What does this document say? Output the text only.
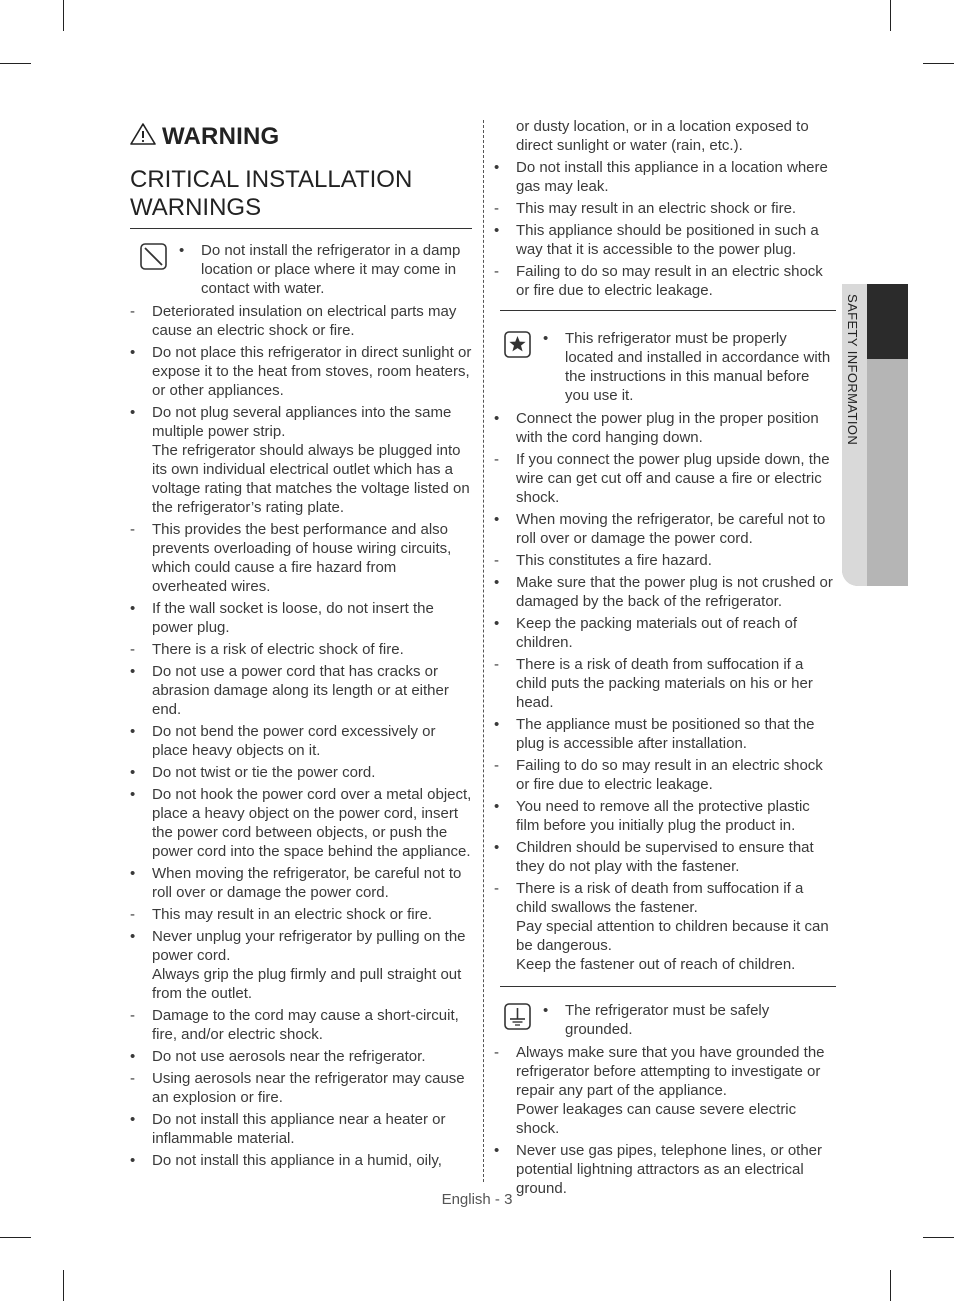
SAFETY INFORMATION
WARNING
CRITICAL INSTALLATION
WARNINGS
•	Do not install the refrigerator in a damp location or place where it may come in contact with water.
-	Deteriorated insulation on electrical parts may cause an electric shock or fire.
•	Do not place this refrigerator in direct sunlight or expose it to the heat from stoves, room heaters, or other appliances.
•	Do not plug several appliances into the same multiple power strip.
The refrigerator should always be plugged into its own individual electrical outlet which has a voltage rating that matches the voltage listed on the refrigerator’s rating plate.
-	This provides the best performance and also prevents overloading of house wiring circuits, which could cause a fire hazard from overheated wires.
•	If the wall socket is loose, do not insert the power plug.
-	There is a risk of electric shock of fire.
•	Do not use a power cord that has cracks or abrasion damage along its length or at either end.
•	Do not bend the power cord excessively or place heavy objects on it.
•	Do not twist or tie the power cord.
•	Do not hook the power cord over a metal object, place a heavy object on the power cord, insert the power cord between objects, or push the power cord into the space behind the appliance.
•	When moving the refrigerator, be careful not to roll over or damage the power cord.
-	This may result in an electric shock or fire.
•	Never unplug your refrigerator by pulling on the power cord.
Always grip the plug firmly and pull straight out from the outlet.
-	Damage to the cord may cause a short-circuit, fire, and/or electric shock.
•	Do not use aerosols near the refrigerator.
-	Using aerosols near the refrigerator may cause an explosion or fire.
•	Do not install this appliance near a heater or inflammable material.
•	Do not install this appliance in a humid, oily,
or dusty location, or in a location exposed to direct sunlight or water (rain, etc.).
•	Do not install this appliance in a location where gas may leak.
-	This may result in an electric shock or fire.
•	This appliance should be positioned in such a way that it is accessible to the power plug.
-	Failing to do so may result in an electric shock or fire due to electric leakage.
•	This refrigerator must be properly located and installed in accordance with the instructions in this manual before you use it.
•	Connect the power plug in the proper position with the cord hanging down.
-	If you connect the power plug upside down, the wire can get cut off and cause a fire or electric shock.
•	When moving the refrigerator, be careful not to roll over or damage the power cord.
-	This constitutes a fire hazard.
•	Make sure that the power plug is not crushed or damaged by the back of the refrigerator.
•	Keep the packing materials out of reach of children.
-	There is a risk of death from suffocation if a child puts the packing materials on his or her head.
•	The appliance must be positioned so that the plug is accessible after installation.
-	Failing to do so may result in an electric shock or fire due to electric leakage.
•	You need to remove all the protective plastic film before you initially plug the product in.
•	Children should be supervised to ensure that they do not play with the fastener.
-	There is a risk of death from suffocation if a child swallows the fastener.
Pay special attention to children because it can be dangerous.
Keep the fastener out of reach of children.
•	The refrigerator must be safely grounded.
-	Always make sure that you have grounded the refrigerator before attempting to investigate or repair any part of the appliance.
Power leakages can cause severe electric shock.
•	Never use gas pipes, telephone lines, or other potential lightning attractors as an electrical ground.
English - 3
